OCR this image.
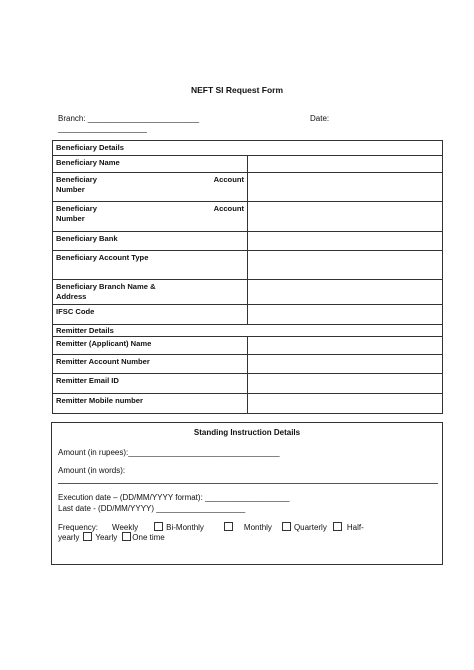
NEFT SI Request Form
Branch: _________________________	Date:
____________________
Beneficiary Details	
Beneficiary Name	

Beneficiary Account
Number	

Beneficiary Account
Number	

Beneficiary Bank	
Beneficiary Account Type	

Beneficiary Branch Name &
Address	

IFSC Code	
Remitter Details	
Remitter (Applicant) Name	
Remitter Account Number	
Remitter Email ID	
Remitter Mobile number	
Standing Instruction Details
Amount (in rupees):__________________________________
Amount (in words):
Execution date – (DD/MM/YYYY format): ___________________
Last date - (DD/MM/YYYY) ____________________
Frequency: Weekly	Bi-Monthly	Monthly	Quarterly	Half-
yearly Yearly One time
